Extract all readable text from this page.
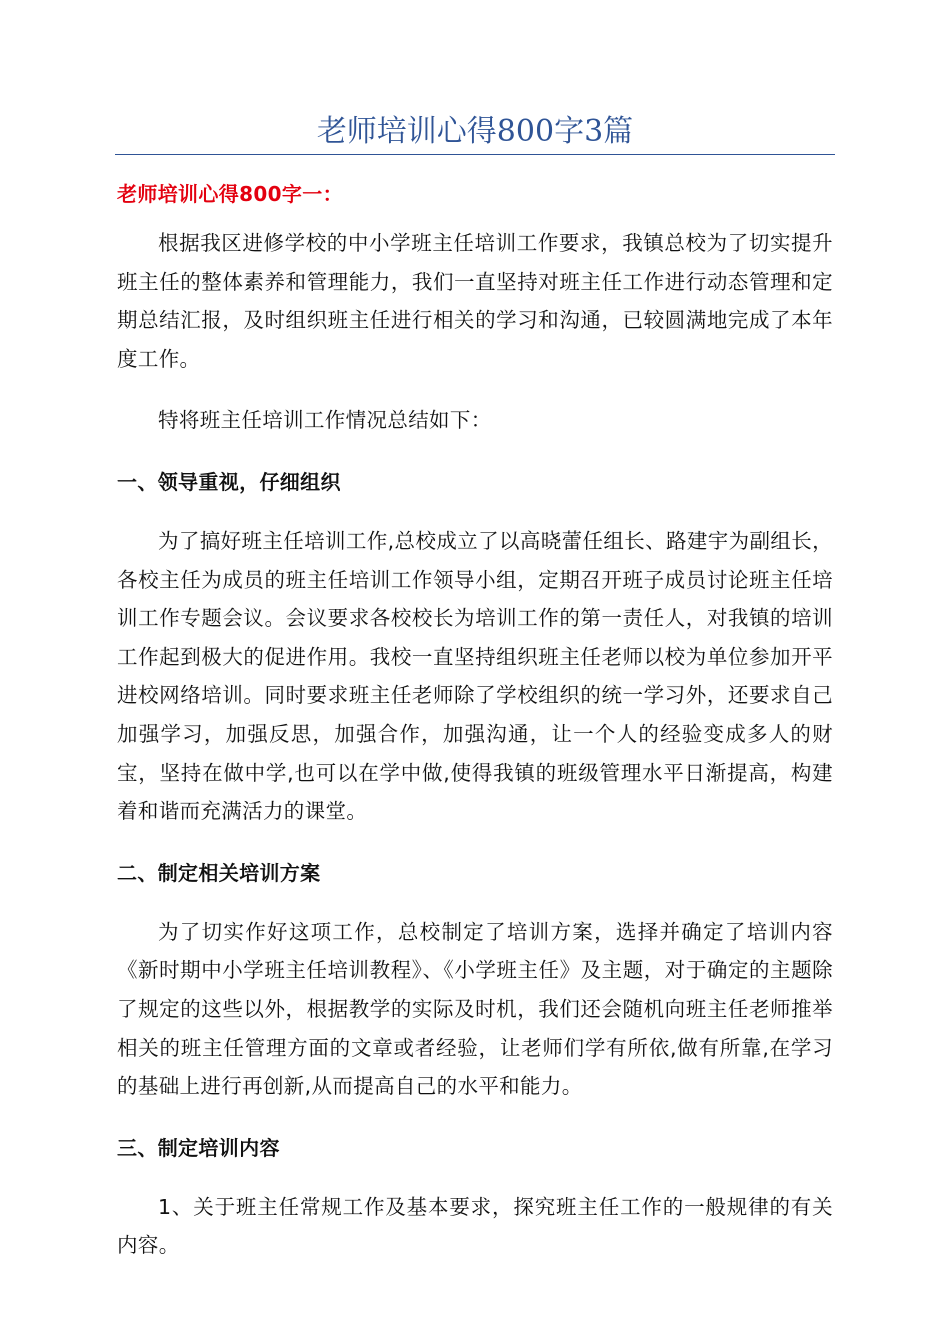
老师培训心得800字3篇

老师培训心得800字一：

根据我区进修学校的中小学班主任培训工作要求，我镇总校为了切实提升班主任的整体素养和管理能力，我们一直坚持对班主任工作进行动态管理和定期总结汇报，及时组织班主任进行相关的学习和沟通，已较圆满地完成了本年度工作。

特将班主任培训工作情况总结如下：

一、领导重视，仔细组织

为了搞好班主任培训工作,总校成立了以高晓蕾任组长、路建宇为副组长，各校主任为成员的班主任培训工作领导小组，定期召开班子成员讨论班主任培训工作专题会议。会议要求各校校长为培训工作的第一责任人，对我镇的培训工作起到极大的促进作用。我校一直坚持组织班主任老师以校为单位参加开平进校网络培训。同时要求班主任老师除了学校组织的统一学习外，还要求自己加强学习，加强反思，加强合作，加强沟通，让一个人的经验变成多人的财宝，坚持在做中学,也可以在学中做,使得我镇的班级管理水平日渐提高，构建着和谐而充满活力的课堂。

二、制定相关培训方案

为了切实作好这项工作，总校制定了培训方案，选择并确定了培训内容《新时期中小学班主任培训教程》、《小学班主任》及主题，对于确定的主题除了规定的这些以外，根据教学的实际及时机，我们还会随机向班主任老师推举相关的班主任管理方面的文章或者经验，让老师们学有所依,做有所靠,在学习的基础上进行再创新,从而提高自己的水平和能力。

三、制定培训内容

1、关于班主任常规工作及基本要求，探究班主任工作的一般规律的有关内容。
